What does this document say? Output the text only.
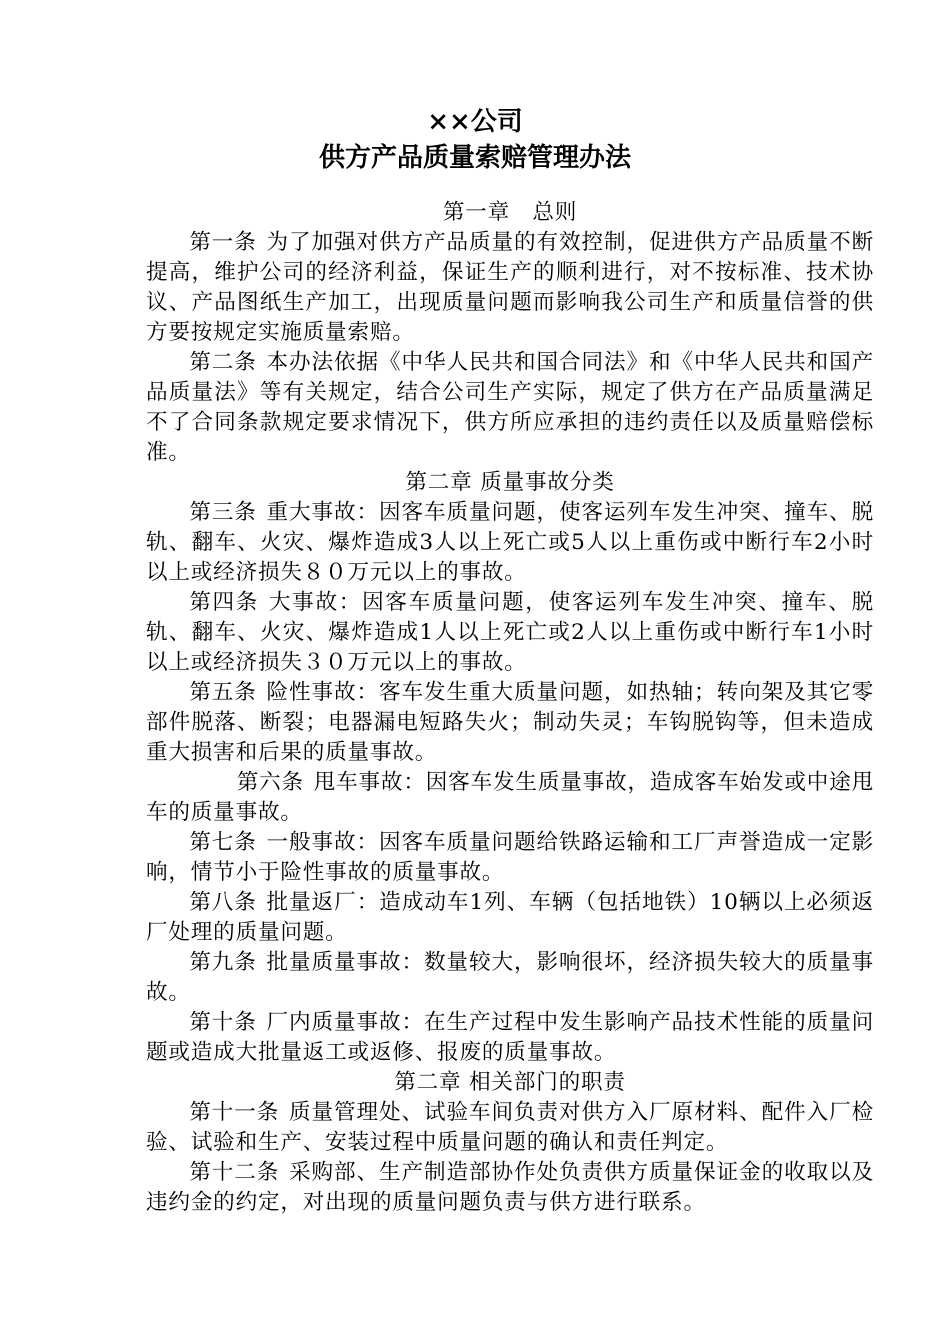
××公司
供方产品质量索赔管理办法

第一章　总则

第一条 为了加强对供方产品质量的有效控制，促进供方产品质量不断提高，维护公司的经济利益，保证生产的顺利进行，对不按标准、技术协议、产品图纸生产加工，出现质量问题而影响我公司生产和质量信誉的供方要按规定实施质量索赔。

第二条 本办法依据《中华人民共和国合同法》和《中华人民共和国产品质量法》等有关规定，结合公司生产实际，规定了供方在产品质量满足不了合同条款规定要求情况下，供方所应承担的违约责任以及质量赔偿标准。

第二章 质量事故分类

第三条 重大事故：因客车质量问题，使客运列车发生冲突、撞车、脱轨、翻车、火灾、爆炸造成3人以上死亡或5人以上重伤或中断行车2小时以上或经济损失８０万元以上的事故。

第四条 大事故：因客车质量问题，使客运列车发生冲突、撞车、脱轨、翻车、火灾、爆炸造成1人以上死亡或2人以上重伤或中断行车1小时以上或经济损失３０万元以上的事故。

第五条 险性事故：客车发生重大质量问题，如热轴；转向架及其它零部件脱落、断裂；电器漏电短路失火；制动失灵；车钩脱钩等，但未造成重大损害和后果的质量事故。

第六条 甩车事故：因客车发生质量事故，造成客车始发或中途甩车的质量事故。

第七条 一般事故：因客车质量问题给铁路运输和工厂声誉造成一定影响，情节小于险性事故的质量事故。

第八条 批量返厂：造成动车1列、车辆（包括地铁）10辆以上必须返厂处理的质量问题。

第九条 批量质量事故：数量较大，影响很坏，经济损失较大的质量事故。

第十条 厂内质量事故：在生产过程中发生影响产品技术性能的质量问题或造成大批量返工或返修、报废的质量事故。

第二章 相关部门的职责

第十一条 质量管理处、试验车间负责对供方入厂原材料、配件入厂检验、试验和生产、安装过程中质量问题的确认和责任判定。

第十二条 采购部、生产制造部协作处负责供方质量保证金的收取以及违约金的约定，对出现的质量问题负责与供方进行联系。
